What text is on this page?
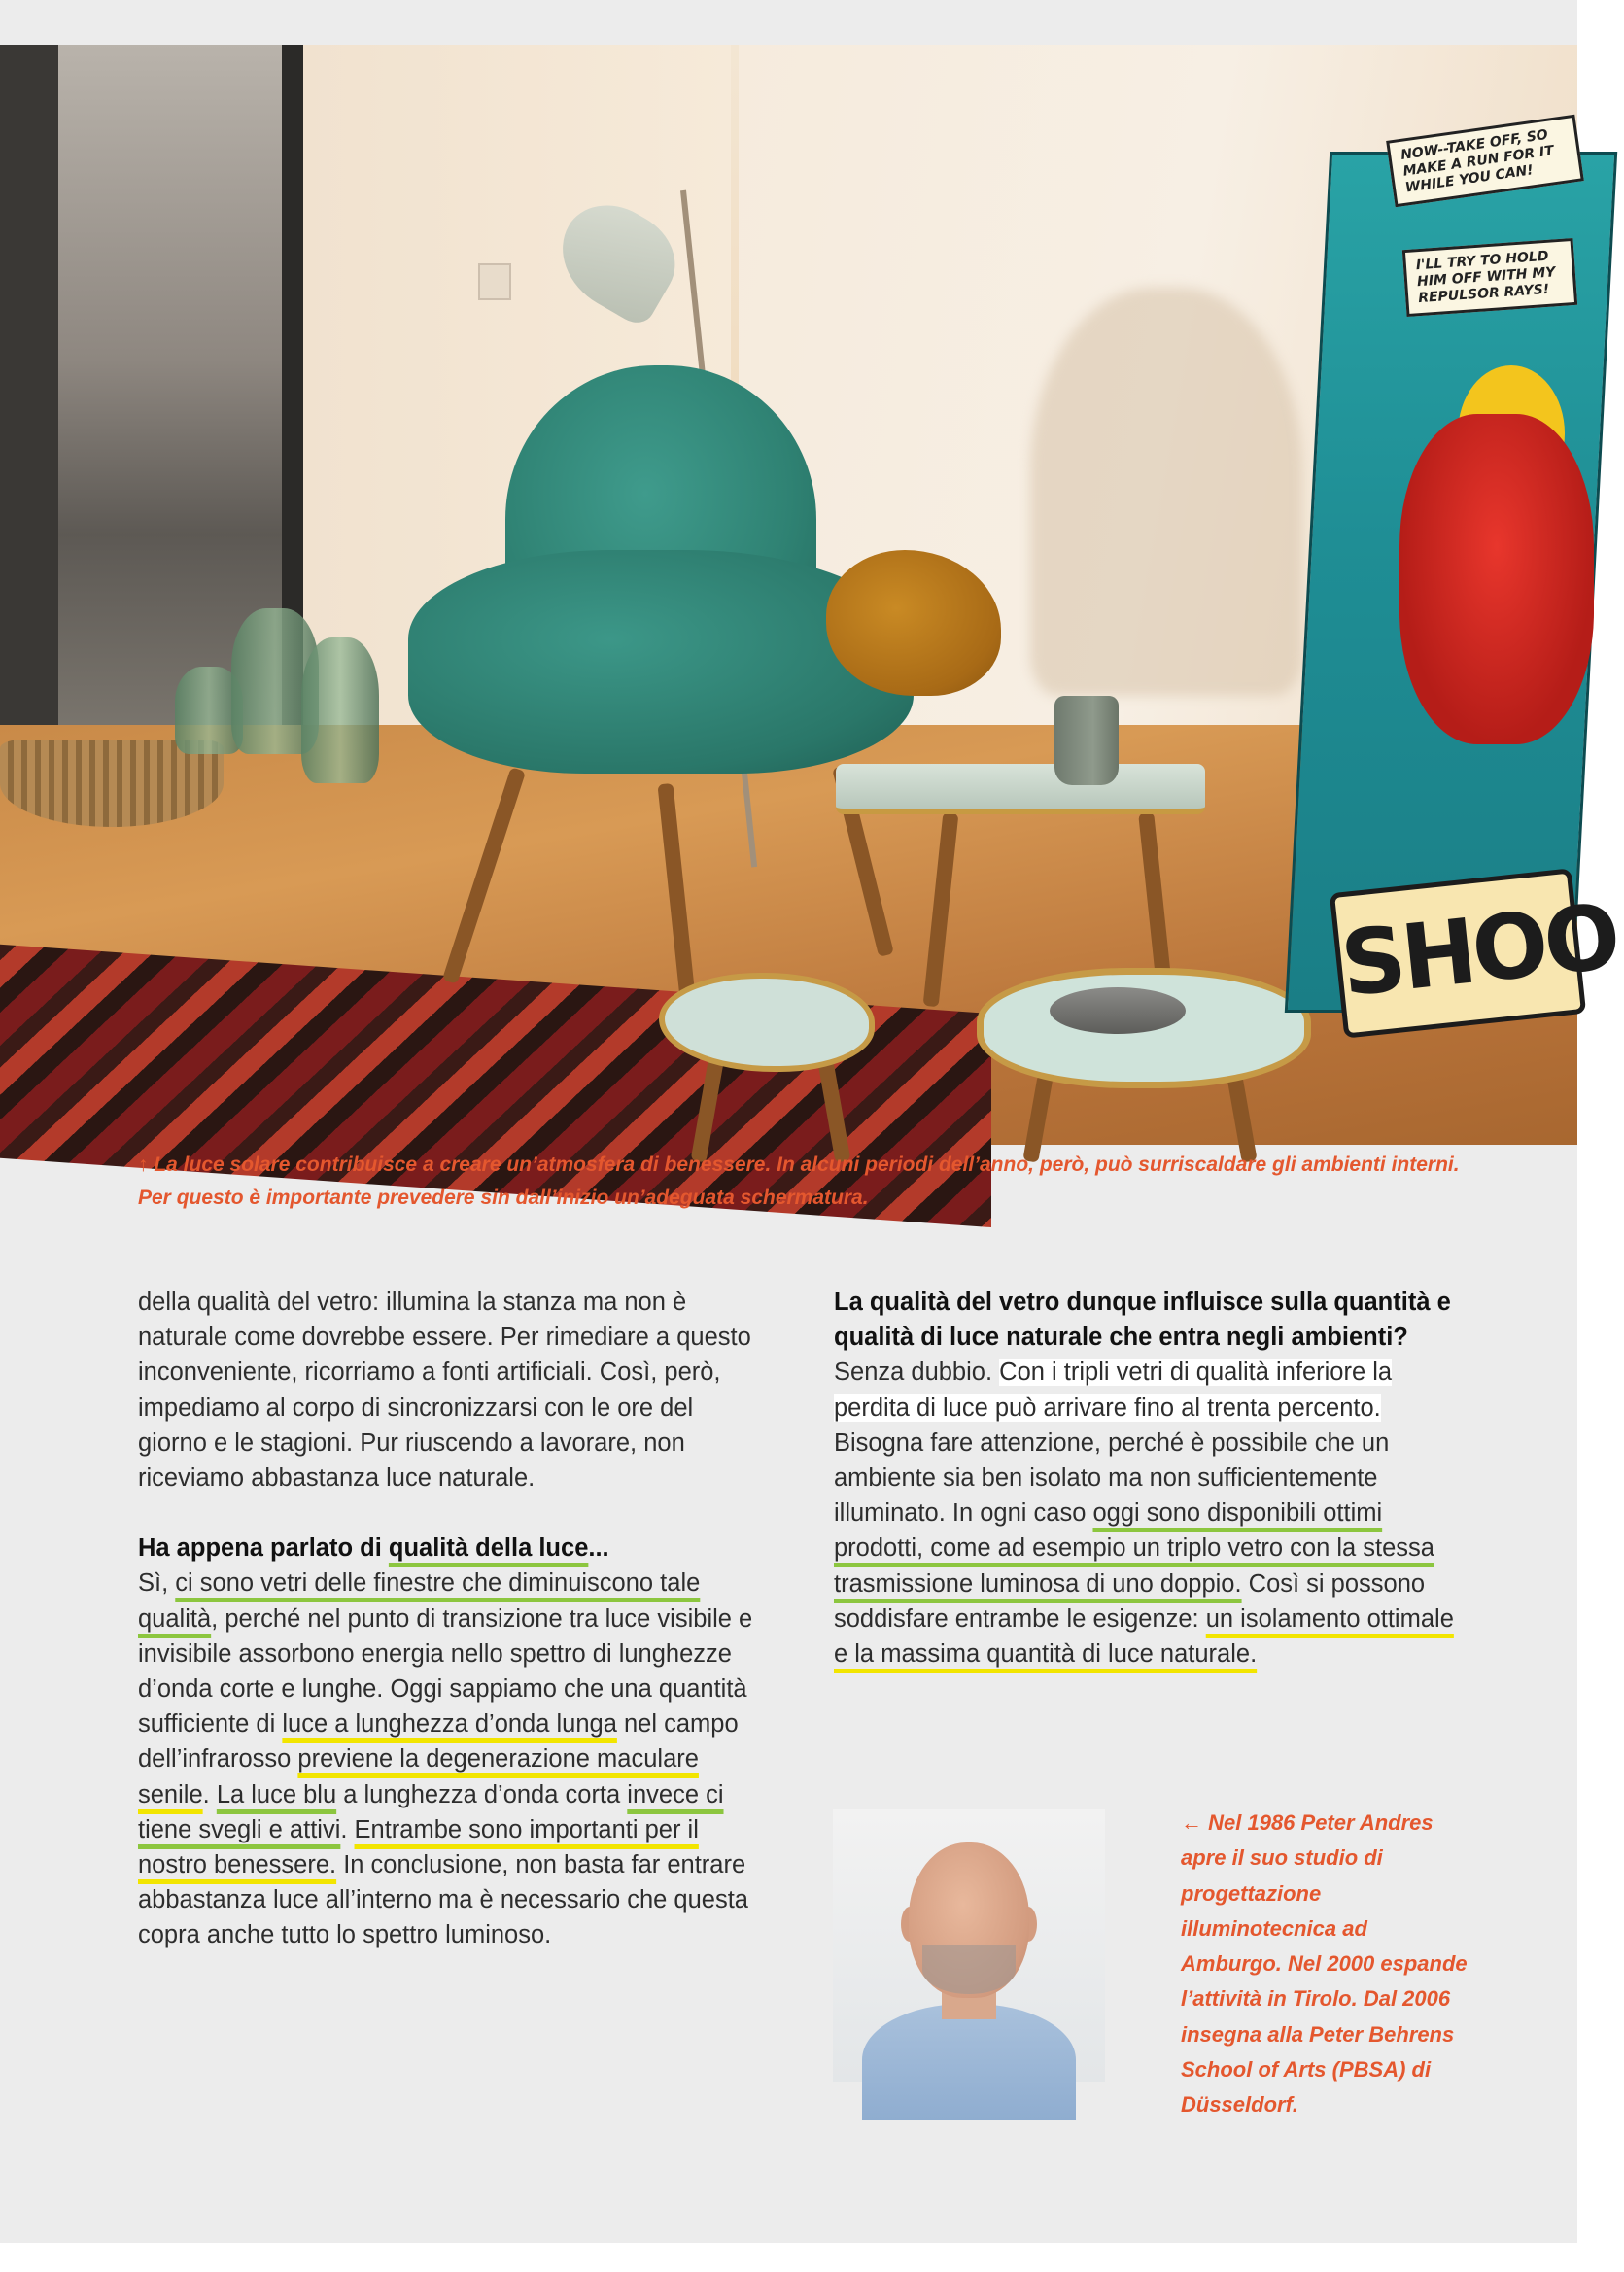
NOW--TAKE OFF, SO MAKE A RUN FOR IT WHILE YOU CAN!
I'LL TRY TO HOLD HIM OFF WITH MY REPULSOR RAYS!
SHOO
↑ La luce solare contribuisce a creare un’atmosfera di benessere. In alcuni periodi dell’anno, però, può surriscaldare gli ambienti interni. Per questo è importante prevedere sin dall’inizio un’adeguata schermatura.

della qualità del vetro: illumina la stanza ma non è naturale come dovrebbe essere. Per rimediare a questo inconveniente, ricorriamo a fonti artificiali. Così, però, impediamo al corpo di sincronizzarsi con le ore del giorno e le stagioni. Pur riuscendo a lavorare, non riceviamo abbastanza luce naturale.

Ha appena parlato di qualità della luce...

Sì, ci sono vetri delle finestre che diminuiscono tale qualità, perché nel punto di transizione tra luce visibile e invisibile assorbono energia nello spettro di lunghezze d’onda corte e lunghe. Oggi sappiamo che una quantità sufficiente di luce a lunghezza d’onda lunga nel campo dell’infrarosso previene la degenerazione maculare senile. La luce blu a lunghezza d’onda corta invece ci tiene svegli e attivi. Entrambe sono importanti per il nostro benessere. In conclusione, non basta far entrare abbastanza luce all’interno ma è necessario che questa copra anche tutto lo spettro luminoso.

La qualità del vetro dunque influisce sulla quantità e qualità di luce naturale che entra negli ambienti?

Senza dubbio. Con i tripli vetri di qualità inferiore la perdita di luce può arrivare fino al trenta percento. Bisogna fare attenzione, perché è possibile che un ambiente sia ben isolato ma non sufficientemente illuminato. In ogni caso oggi sono disponibili ottimi prodotti, come ad esempio un triplo vetro con la stessa trasmissione luminosa di uno doppio. Così si possono soddisfare entrambe le esigenze: un isolamento ottimale e la massima quantità di luce naturale.

← Nel 1986 Peter Andres apre il suo studio di progettazione illuminotecnica ad Amburgo. Nel 2000 espande l’attività in Tirolo. Dal 2006 insegna alla Peter Behrens School of Arts (PBSA) di Düsseldorf.
